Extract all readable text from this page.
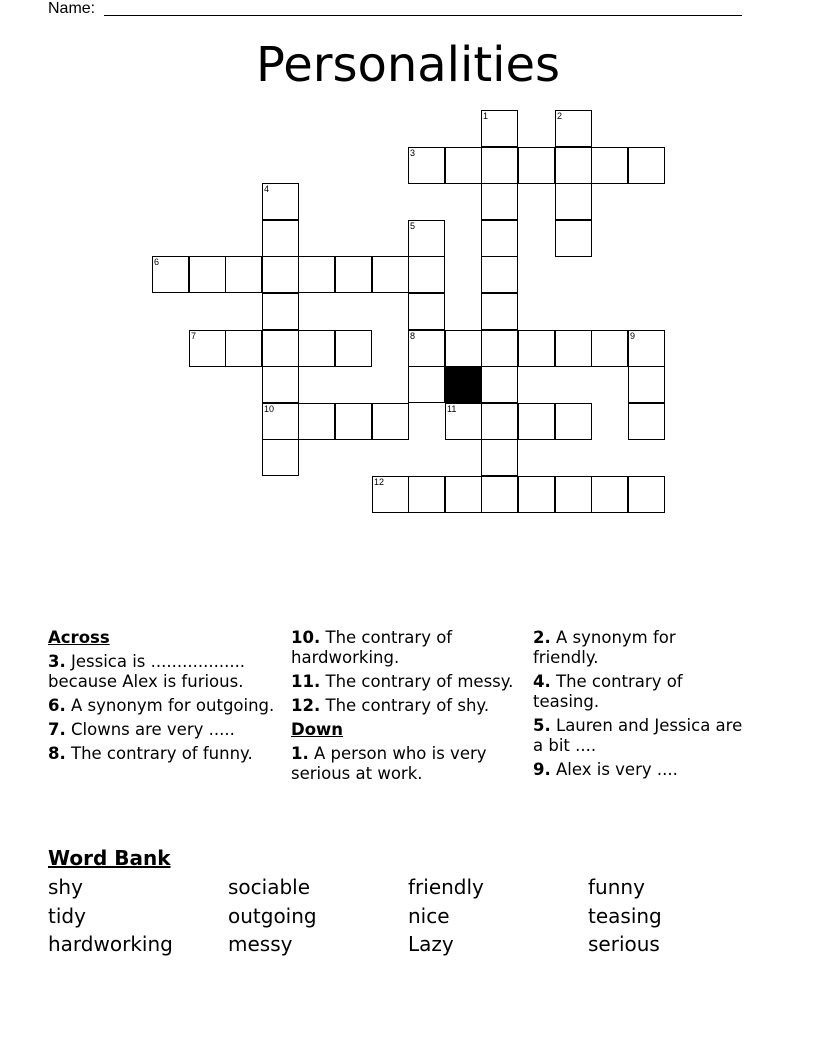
Name:
Personalities
1	2
3
4
5
6
7	8	9
10	11
12
Across
3. Jessica is .................. because Alex is furious.
6. A synonym for outgoing.
7. Clowns are very .....
8. The contrary of funny.
10. The contrary of hardworking.
11. The contrary of messy.
12. The contrary of shy.
Down
1. A person who is very serious at work.
2. A synonym for friendly.
4. The contrary of teasing.
5. Lauren and Jessica are a bit ....
9. Alex is very ....
Word Bank
shy	sociable	friendly	funny
tidy	outgoing	nice	teasing
hardworking	messy	Lazy	serious
